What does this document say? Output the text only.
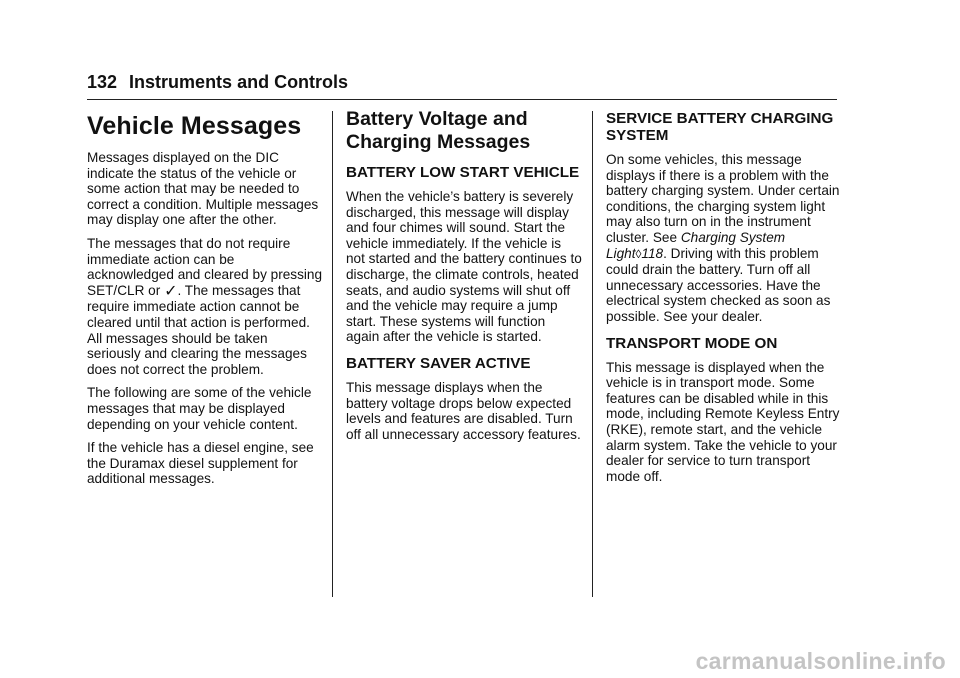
132 Instruments and Controls
Vehicle Messages

Messages displayed on the DIC indicate the status of the vehicle or some action that may be needed to correct a condition. Multiple messages may display one after the other.

The messages that do not require immediate action can be acknowledged and cleared by pressing SET/CLR or ✓. The messages that require immediate action cannot be cleared until that action is performed. All messages should be taken seriously and clearing the messages does not correct the problem.

The following are some of the vehicle messages that may be displayed depending on your vehicle content.

If the vehicle has a diesel engine, see the Duramax diesel supplement for additional messages.

Battery Voltage and Charging Messages
BATTERY LOW START VEHICLE

When the vehicle’s battery is severely discharged, this message will display and four chimes will sound. Start the vehicle immediately. If the vehicle is not started and the battery continues to discharge, the climate controls, heated seats, and audio systems will shut off and the vehicle may require a jump start. These systems will function again after the vehicle is started.

BATTERY SAVER ACTIVE

This message displays when the battery voltage drops below expected levels and features are disabled. Turn off all unnecessary accessory features.

SERVICE BATTERY CHARGING SYSTEM

On some vehicles, this message displays if there is a problem with the battery charging system. Under certain conditions, the charging system light may also turn on in the instrument cluster. See Charging System Light◊118. Driving with this problem could drain the battery. Turn off all unnecessary accessories. Have the electrical system checked as soon as possible. See your dealer.

TRANSPORT MODE ON

This message is displayed when the vehicle is in transport mode. Some features can be disabled while in this mode, including Remote Keyless Entry (RKE), remote start, and the vehicle alarm system. Take the vehicle to your dealer for service to turn transport mode off.

carmanualsonline.info
